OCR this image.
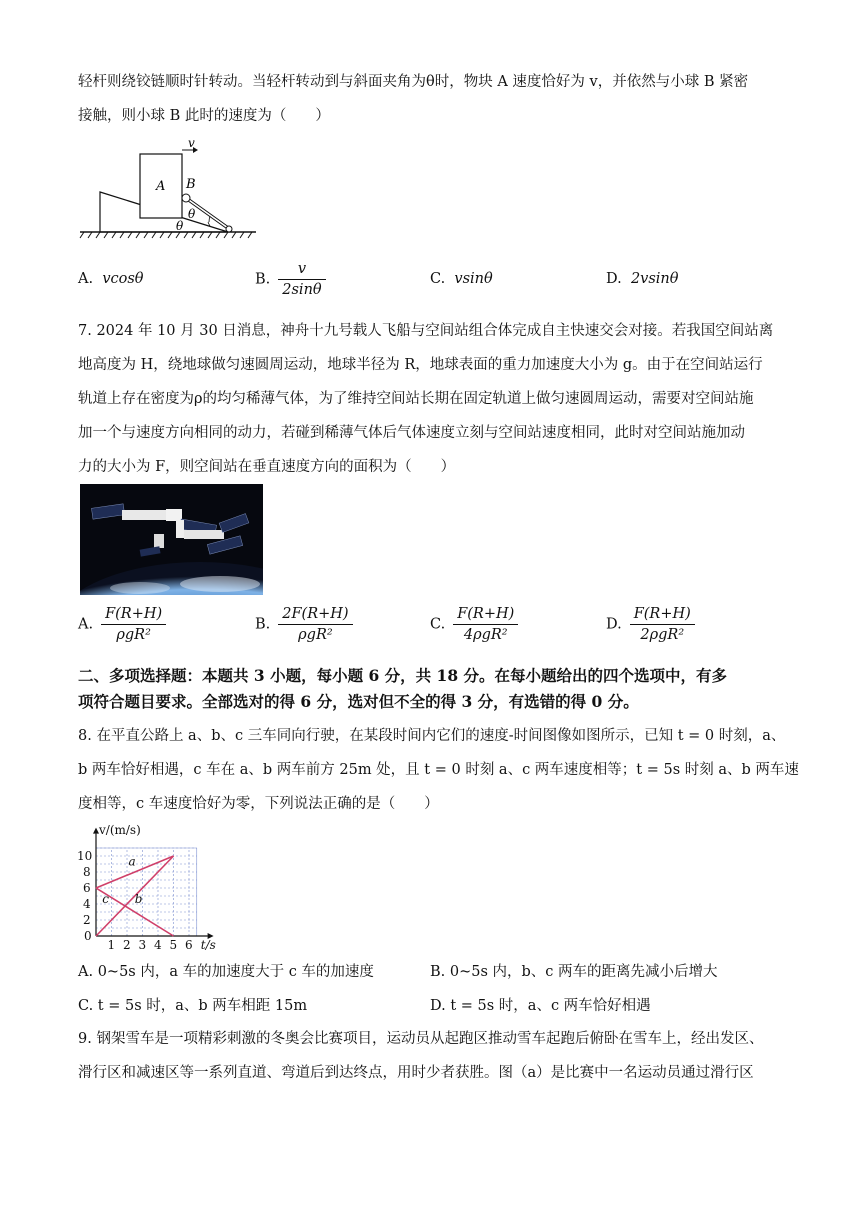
轻杆则绕铰链顺时针转动。当轻杆转动到与斜面夹角为θ时，物块 A 速度恰好为 v，并依然与小球 B 紧密
接触，则小球 B 此时的速度为（　　）
A
v
B
θ
θ
A. vcosθ	B. $\frac{v}{2\sin\theta}$	C. vsinθ	D. 2vsinθ
7. 2024 年 10 月 30 日消息，神舟十九号载人飞船与空间站组合体完成自主快速交会对接。若我国空间站离
地高度为 H，绕地球做匀速圆周运动，地球半径为 R，地球表面的重力加速度大小为 g。由于在空间站运行
轨道上存在密度为ρ的均匀稀薄气体，为了维持空间站长期在固定轨道上做匀速圆周运动，需要对空间站施
加一个与速度方向相同的动力，若碰到稀薄气体后气体速度立刻与空间站速度相同，此时对空间站施加动
力的大小为 F，则空间站在垂直速度方向的面积为（　　）
A. $\frac{F(R+H)}{\text{ρgR²}}$	B. $\frac{2F(R+H)}{\text{ρgR²}}$	C. $\frac{F(R+H)}{\text{4ρgR²}}$	D. $\frac{F(R+H)}{\text{2ρgR²}}$
二、多项选择题：本题共 3 小题，每小题 6 分，共 18 分。在每小题给出的四个选项中，有多
项符合题目要求。全部选对的得 6 分，选对但不全的得 3 分，有选错的得 0 分。
8. 在平直公路上 a、b、c 三车同向行驶，在某段时间内它们的速度-时间图像如图所示，已知 t = 0 时刻，a、
b 两车恰好相遇，c 车在 a、b 两车前方 25m 处，且 t = 0 时刻 a、c 两车速度相等；t = 5s 时刻 a、b 两车速
度相等，c 车速度恰好为零，下列说法正确的是（　　）
1 2 3 4 5 6
2
4
6
8
10
0
v/(m/s)
t/s
a
b
c
A. 0~5s 内，a 车的加速度大于 c 车的加速度	B. 0~5s 内，b、c 两车的距离先减小后增大
C. t = 5s 时，a、b 两车相距 15m	D. t = 5s 时，a、c 两车恰好相遇
9. 钢架雪车是一项精彩刺激的冬奥会比赛项目，运动员从起跑区推动雪车起跑后俯卧在雪车上，经出发区、
滑行区和减速区等一系列直道、弯道后到达终点，用时少者获胜。图（a）是比赛中一名运动员通过滑行区
